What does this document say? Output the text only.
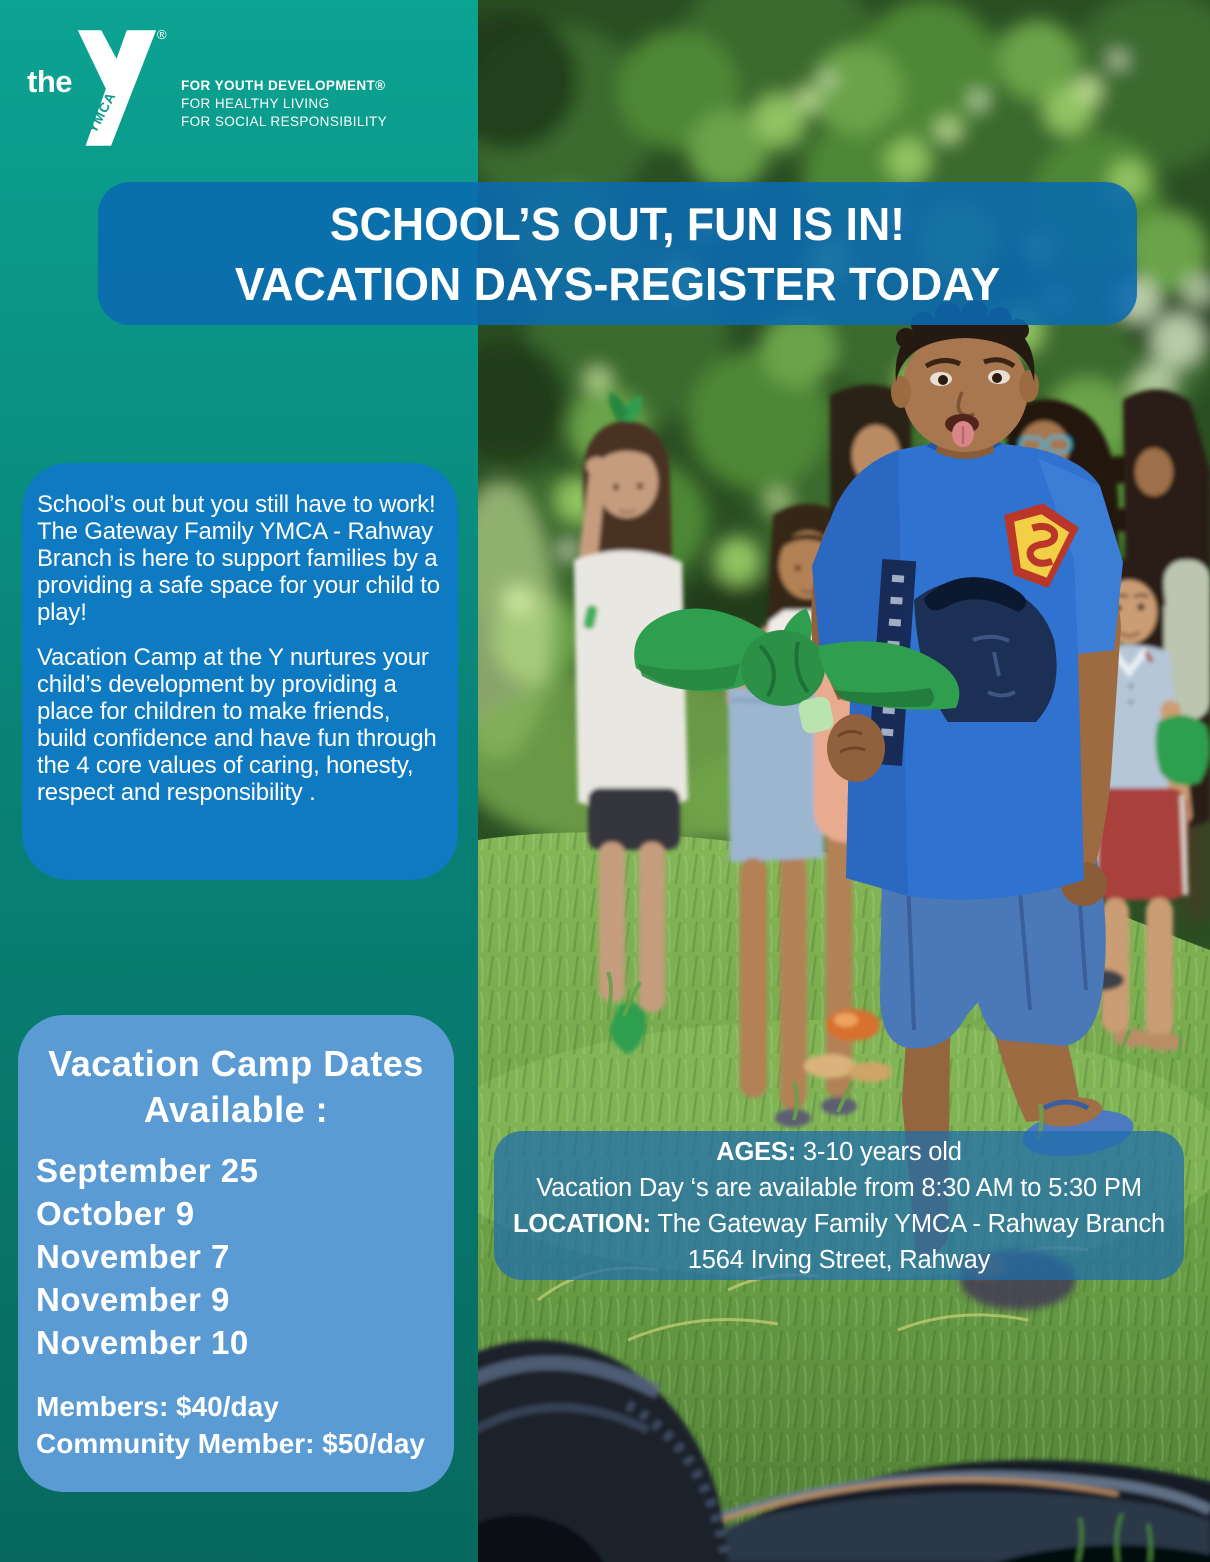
the
YMCA
®
FOR YOUTH DEVELOPMENT®
FOR HEALTHY LIVING
FOR SOCIAL RESPONSIBILITY
SCHOOL’S OUT, FUN IS IN!
VACATION DAYS-REGISTER TODAY

School’s out but you still have to work! The Gateway Family YMCA - Rahway Branch is here to support families by a providing a safe space for your child to play!

Vacation Camp at the Y nurtures your child’s development by providing a place for children to make friends, build confidence and have fun through the 4 core values of caring, honesty, respect and responsibility .

Vacation Camp Dates Available :
September 25
October 9
November 7
November 9
November 10
Members: $40/day
Community Member: $50/day
AGES: 3-10 years old
Vacation Day ‘s are available from 8:30 AM to 5:30 PM
LOCATION: The Gateway Family YMCA - Rahway Branch
1564 Irving Street, Rahway
